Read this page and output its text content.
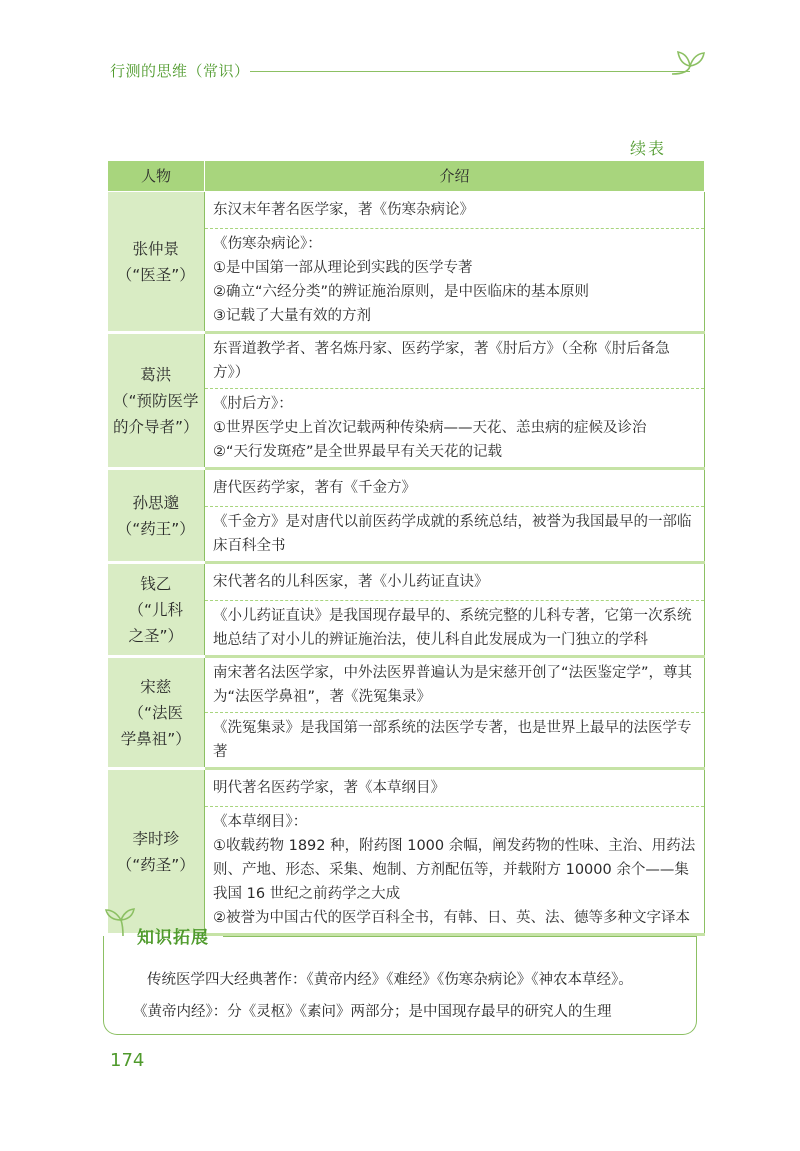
行测的思维（常识）
续表
人物	介绍

张仲景
（“医圣”）	东汉末年著名医学家，著《伤寒杂病论》

	《伤寒杂病论》：
①是中国第一部从理论到实践的医学专著
②确立“六经分类”的辨证施治原则，是中医临床的基本原则
③记载了大量有效的方剂

葛洪
（“预防医学
的介导者”）	东晋道教学者、著名炼丹家、医药学家，著《肘后方》（全称《肘后备急方》）

	《肘后方》：
①世界医学史上首次记载两种传染病——天花、恙虫病的症候及诊治
②“天行发斑疮”是全世界最早有关天花的记载

孙思邈
（“药王”）	唐代医药学家，著有《千金方》

	《千金方》是对唐代以前医药学成就的系统总结，被誉为我国最早的一部临床百科全书

钱乙
（“儿科
之圣”）	宋代著名的儿科医家，著《小儿药证直诀》

	《小儿药证直诀》是我国现存最早的、系统完整的儿科专著，它第一次系统地总结了对小儿的辨证施治法，使儿科自此发展成为一门独立的学科

宋慈
（“法医
学鼻祖”）	南宋著名法医学家，中外法医界普遍认为是宋慈开创了“法医鉴定学”，尊其为“法医学鼻祖”，著《洗冤集录》

	《洗冤集录》是我国第一部系统的法医学专著，也是世界上最早的法医学专著

李时珍
（“药圣”）	明代著名医药学家，著《本草纲目》

	《本草纲目》：
①收载药物 1892 种，附药图 1000 余幅，阐发药物的性味、主治、用药法则、产地、形态、采集、炮制、方剂配伍等，并载附方 10000 余个——集我国 16 世纪之前药学之大成
②被誉为中国古代的医学百科全书，有韩、日、英、法、德等多种文字译本
知识拓展
传统医学四大经典著作：《黄帝内经》《难经》《伤寒杂病论》《神农本草经》。
《黄帝内经》：分《灵枢》《素问》两部分；是中国现存最早的研究人的生理
174
